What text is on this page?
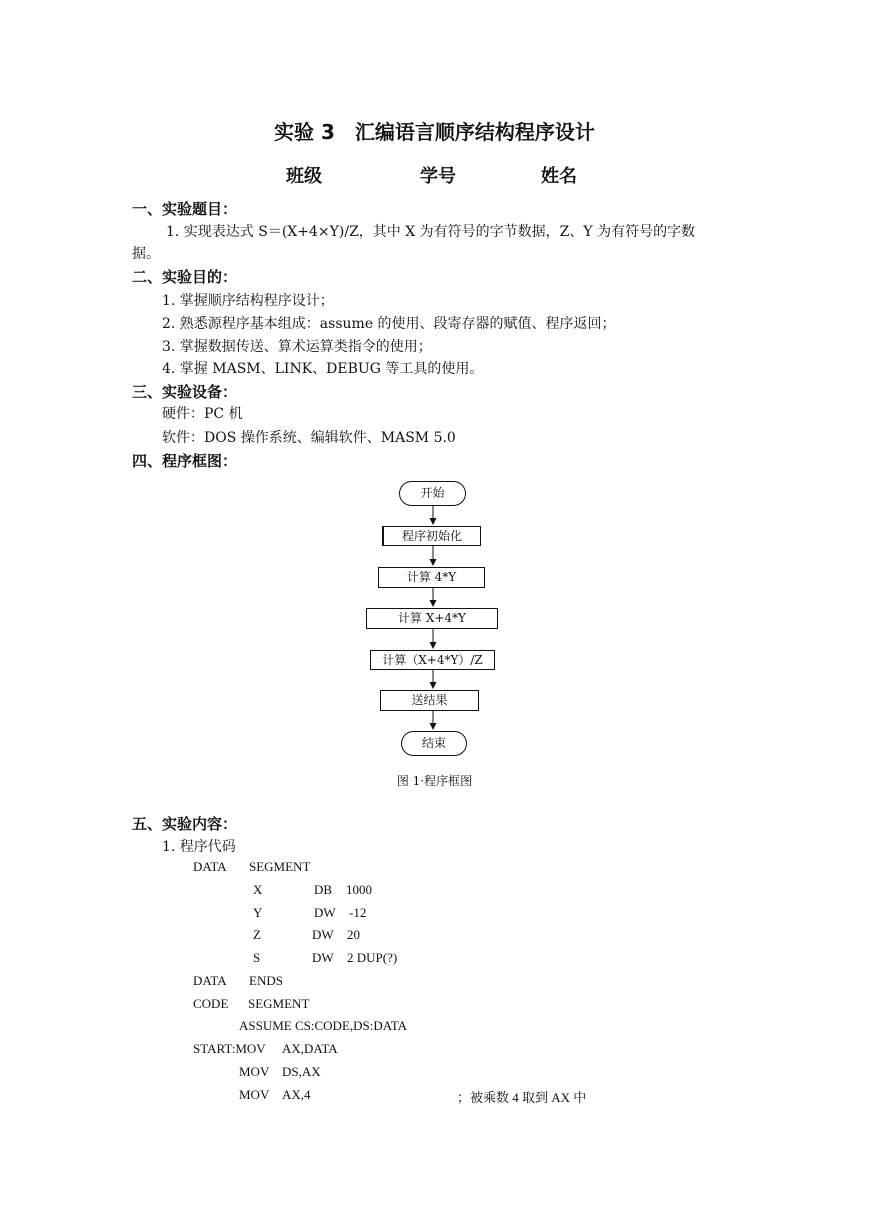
实验 3　汇编语言顺序结构程序设计
班级	学号	姓名
一、实验题目：
1. 实现表达式 S＝(X+4×Y)/Z，其中 X 为有符号的字节数据，Z、Y 为有符号的字数
据。
二、实验目的：
1. 掌握顺序结构程序设计；
2. 熟悉源程序基本组成：assume 的使用、段寄存器的赋值、程序返回；
3. 掌握数据传送、算术运算类指令的使用；
4. 掌握 MASM、LINK、DEBUG 等工具的使用。
三、实验设备：
硬件：PC 机
软件：DOS 操作系统、编辑软件、MASM 5.0
四、程序框图：
开始
程序初始化
计算 4*Y
计算 X+4*Y
计算（X+4*Y）/Z
送结果
结束
图 1·程序框图
五、实验内容：
1. 程序代码
DATA SEGMENT
X	DB 1000
Y	DW -12
Z	DW 20
S	DW 2 DUP(?)
DATA ENDS
CODE SEGMENT
ASSUME CS:CODE,DS:DATA
START:MOV AX,DATA
MOV DS,AX
MOV AX,4	；被乘数 4 取到 AX 中
